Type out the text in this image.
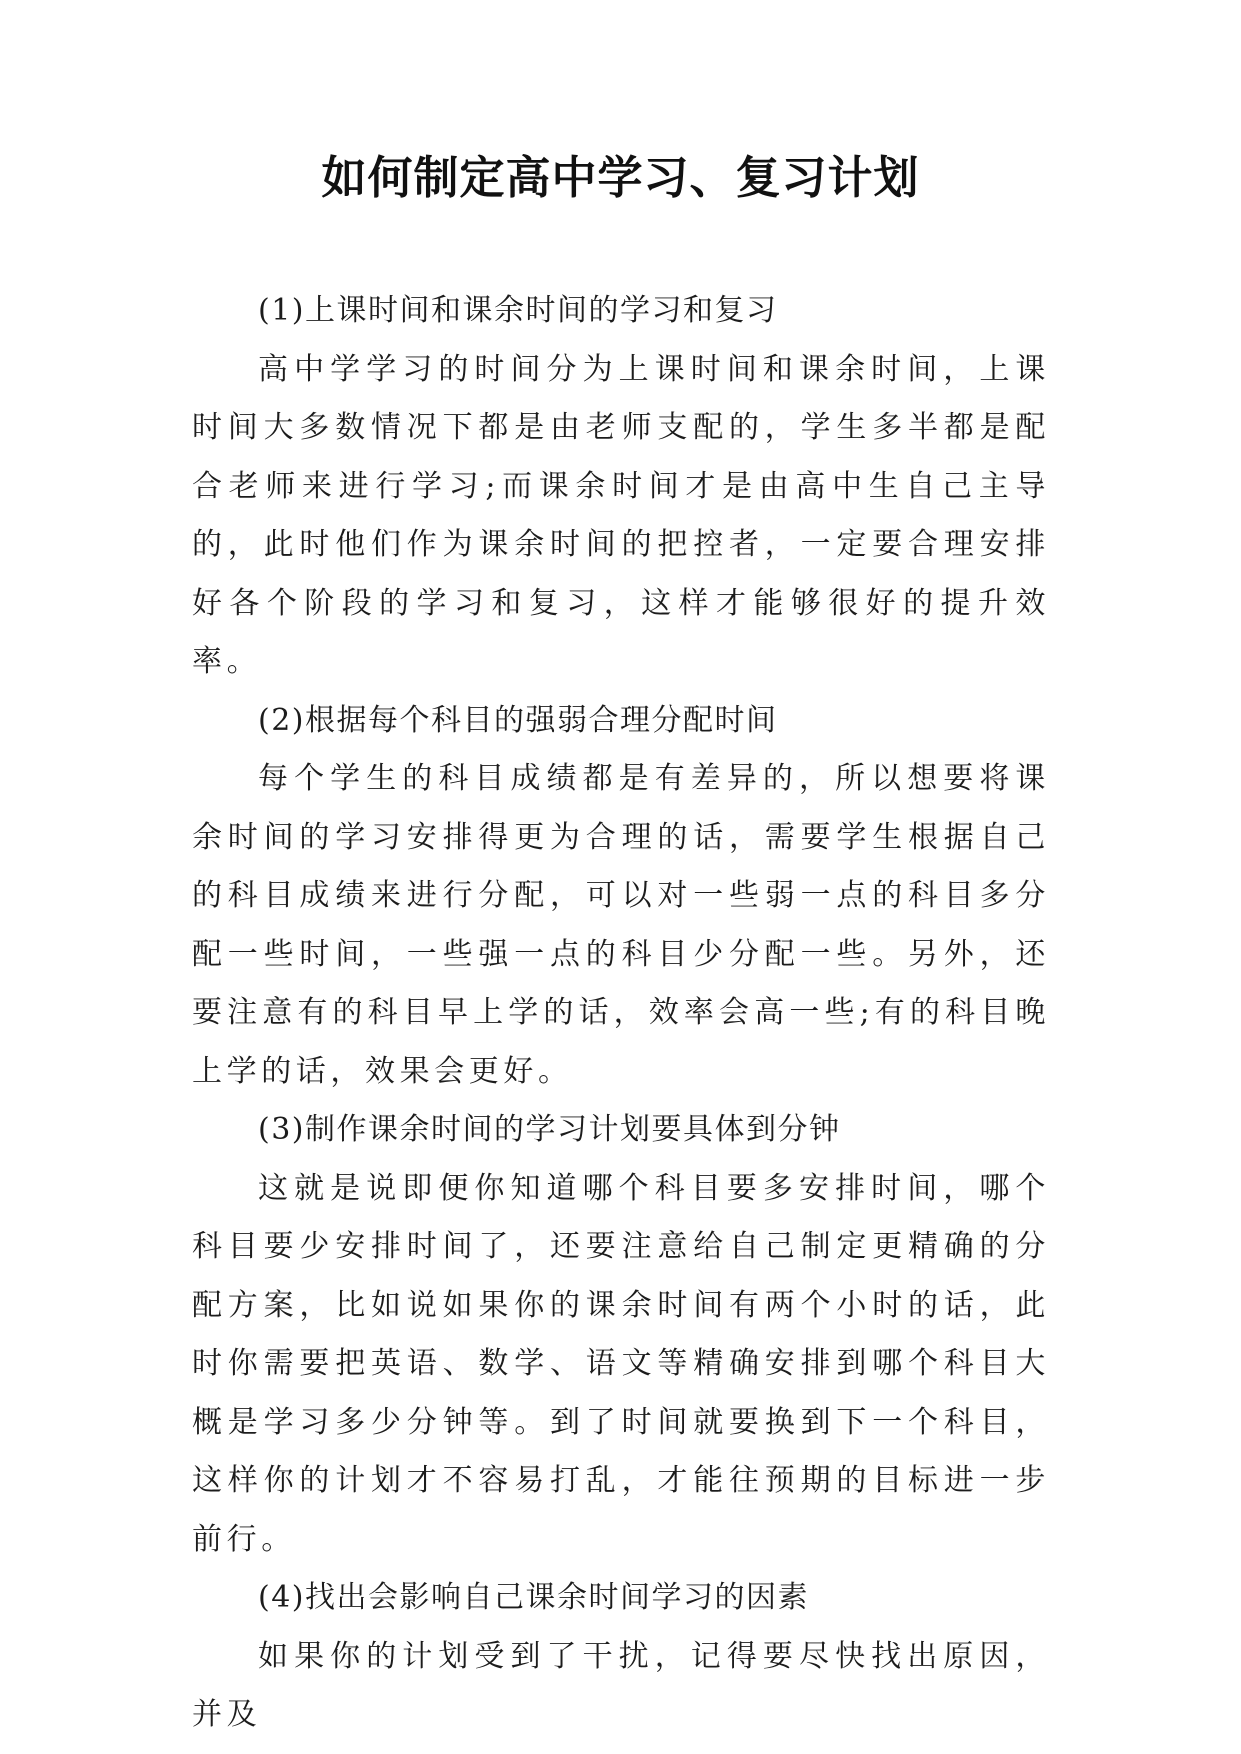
如何制定高中学习、复习计划

(1)上课时间和课余时间的学习和复习

高中学学习的时间分为上课时间和课余时间，上课时间大多数情况下都是由老师支配的，学生多半都是配合老师来进行学习;而课余时间才是由高中生自己主导的，此时他们作为课余时间的把控者，一定要合理安排好各个阶段的学习和复习，这样才能够很好的提升效率。

(2)根据每个科目的强弱合理分配时间

每个学生的科目成绩都是有差异的，所以想要将课余时间的学习安排得更为合理的话，需要学生根据自己的科目成绩来进行分配，可以对一些弱一点的科目多分配一些时间，一些强一点的科目少分配一些。另外，还要注意有的科目早上学的话，效率会高一些;有的科目晚上学的话，效果会更好。

(3)制作课余时间的学习计划要具体到分钟

这就是说即便你知道哪个科目要多安排时间，哪个科目要少安排时间了，还要注意给自己制定更精确的分配方案，比如说如果你的课余时间有两个小时的话，此时你需要把英语、数学、语文等精确安排到哪个科目大概是学习多少分钟等。到了时间就要换到下一个科目，这样你的计划才不容易打乱，才能往预期的目标进一步前行。

(4)找出会影响自己课余时间学习的因素

如果你的计划受到了干扰，记得要尽快找出原因，并及
